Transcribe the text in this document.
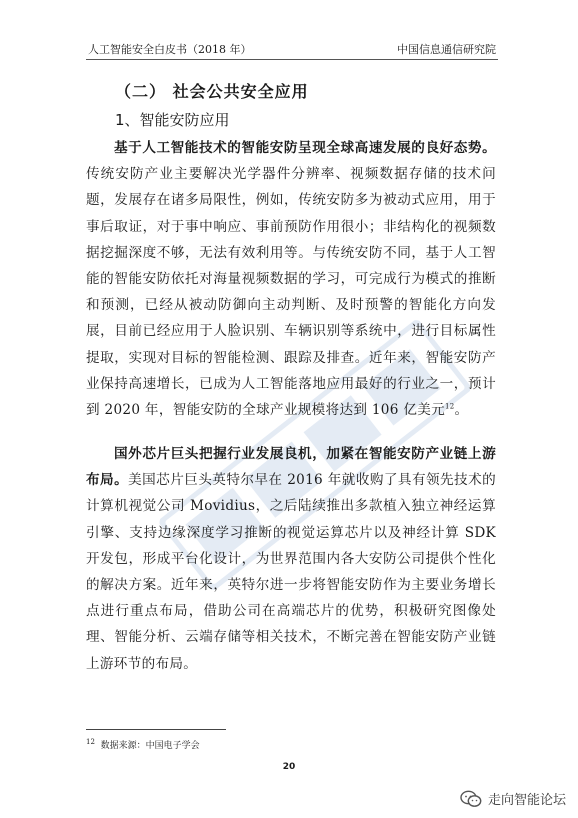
人工智能安全白皮书（2018 年）	中国信息通信研究院
（二） 社会公共安全应用
1、智能安防应用

基于人工智能技术的智能安防呈现全球高速发展的良好态势。传统安防产业主要解决光学器件分辨率、视频数据存储的技术问题，发展存在诸多局限性，例如，传统安防多为被动式应用，用于事后取证，对于事中响应、事前预防作用很小；非结构化的视频数据挖掘深度不够，无法有效利用等。与传统安防不同，基于人工智能的智能安防依托对海量视频数据的学习，可完成行为模式的推断和预测，已经从被动防御向主动判断、及时预警的智能化方向发展，目前已经应用于人脸识别、车辆识别等系统中，进行目标属性提取，实现对目标的智能检测、跟踪及排查。近年来，智能安防产业保持高速增长，已成为人工智能落地应用最好的行业之一，预计到 2020 年，智能安防的全球产业规模将达到 106 亿美元$^{12}$。

国外芯片巨头把握行业发展良机，加紧在智能安防产业链上游布局。美国芯片巨头英特尔早在 2016 年就收购了具有领先技术的计算机视觉公司 Movidius，之后陆续推出多款植入独立神经运算引擎、支持边缘深度学习推断的视觉运算芯片以及神经计算 SDK 开发包，形成平台化设计，为世界范围内各大安防公司提供个性化的解决方案。近年来，英特尔进一步将智能安防作为主要业务增长点进行重点布局，借助公司在高端芯片的优势，积极研究图像处理、智能分析、云端存储等相关技术，不断完善在智能安防产业链上游环节的布局。

$^{12}$ 数据来源：中国电子学会
20
走向智能论坛
